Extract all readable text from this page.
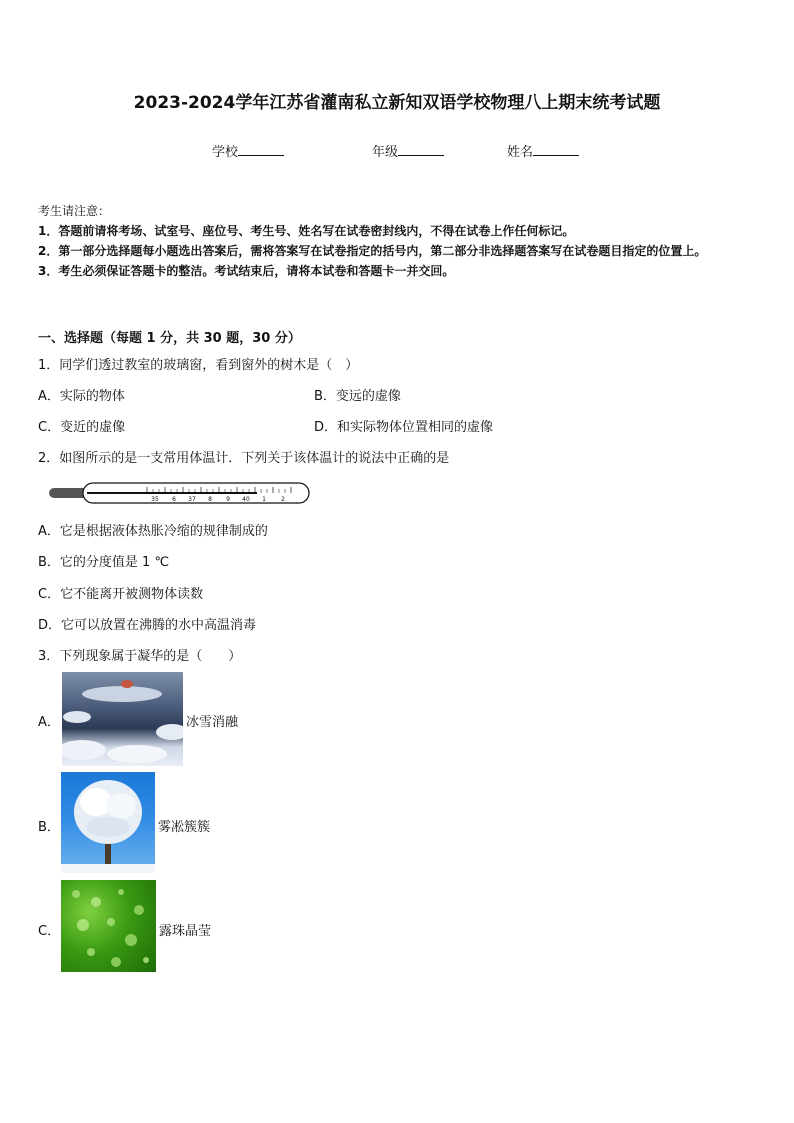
2023-2024学年江苏省灌南私立新知双语学校物理八上期末统考试题
学校	年级	姓名
考生请注意：
1．答题前请将考场、试室号、座位号、考生号、姓名写在试卷密封线内，不得在试卷上作任何标记。
2．第一部分选择题每小题选出答案后，需将答案写在试卷指定的括号内，第二部分非选择题答案写在试卷题目指定的位置上。
3．考生必须保证答题卡的整洁。考试结束后，请将本试卷和答题卡一并交回。
一、选择题（每题 1 分，共 30 题，30 分）
1．同学们透过教室的玻璃窗，看到窗外的树木是（　）
A．实际的物体	B．变远的虚像
C．变近的虚像	D．和实际物体位置相同的虚像
2．如图所示的是一支常用体温计．下列关于该体温计的说法中正确的是
35 6 37 8 9 40 1	2
A．它是根据液体热胀冷缩的规律制成的
B．它的分度值是 1 ℃
C．它不能离开被测物体读数
D．它可以放置在沸腾的水中高温消毒
3．下列现象属于凝华的是（　　）
A．	冰雪消融
B．	雾凇簇簇
C．	露珠晶莹
